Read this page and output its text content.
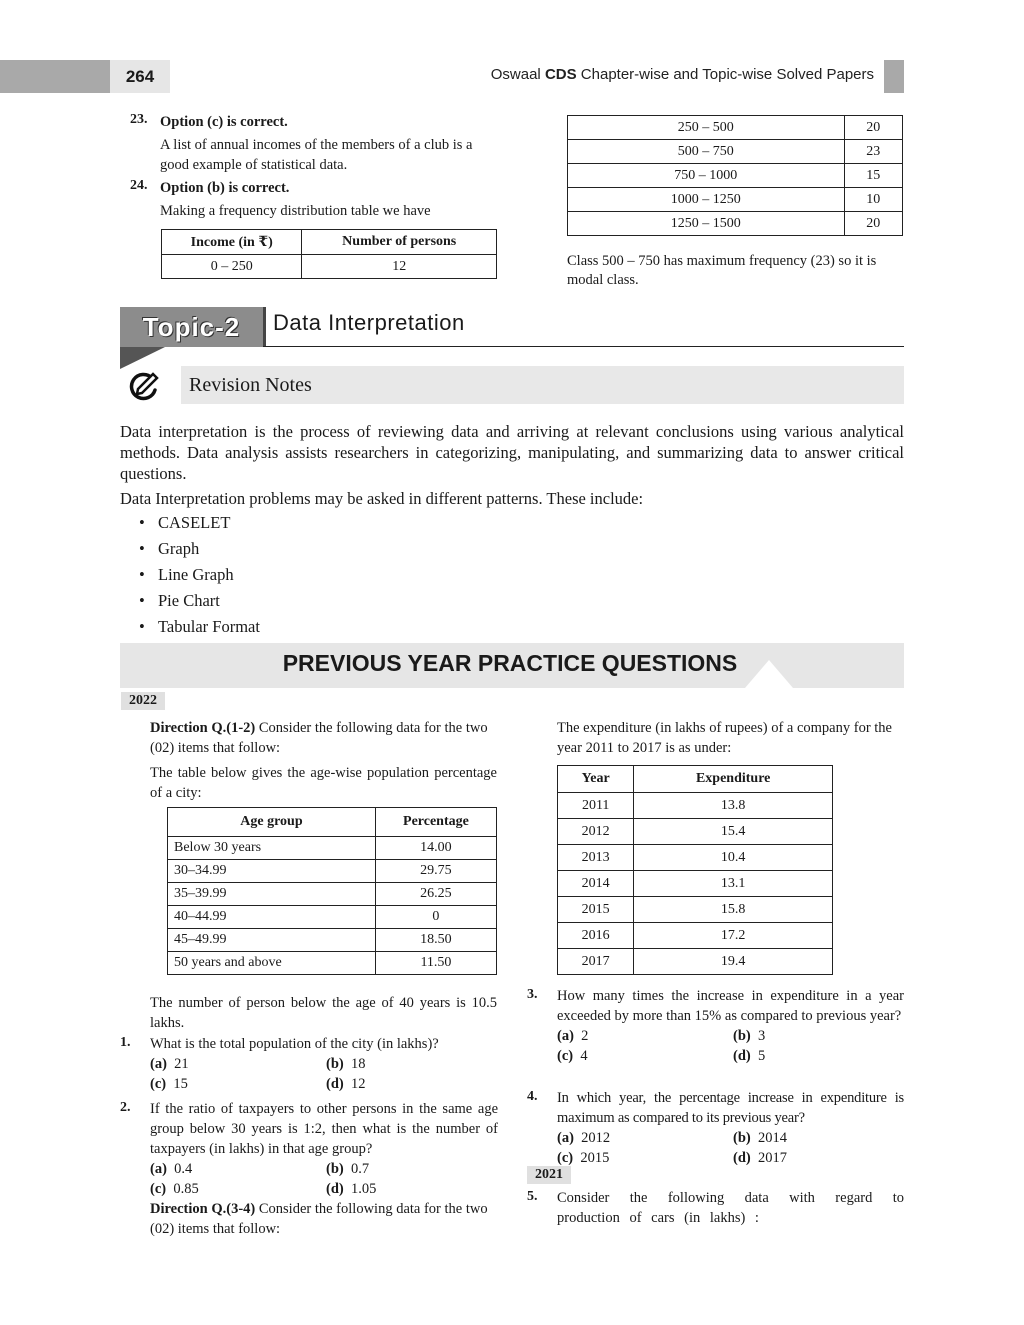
264	Oswaal CDS Chapter-wise and Topic-wise Solved Papers
23. Option (c) is correct.

A list of annual incomes of the members of a club is a good example of statistical data.

24. Option (b) is correct.

Making a frequency distribution table we have

Income (in ₹)	Number of persons
0 – 250	12
250 – 500	20
500 – 750	23
750 – 1000	15
1000 – 1250	10
1250 – 1500	20

Class 500 – 750 has maximum frequency (23) so it is modal class.

Topic-2	Data Interpretation
Revision Notes

Data interpretation is the process of reviewing data and arriving at relevant conclusions using various analytical methods. Data analysis assists researchers in categorizing, manipulating, and summarizing data to answer critical questions.

Data Interpretation problems may be asked in different patterns. These include:

• CASELET
• Graph
• Line Graph
• Pie Chart
• Tabular Format
PREVIOUS YEAR PRACTICE QUESTIONS
2022

Direction Q.(1-2) Consider the following data for the two (02) items that follow:

The table below gives the age-wise population percentage of a city:

Age group	Percentage
Below 30 years	14.00
30–34.99	29.75
35–39.99	26.25
40–44.99	0
45–49.99	18.50
50 years and above	11.50

The number of person below the age of 40 years is 10.5 lakhs.

1. What is the total population of the city (in lakhs)?

(a) 21	(b) 18
(c) 15	(d) 12
2. If the ratio of taxpayers to other persons in the same age group below 30 years is 1:2, then what is the number of taxpayers (in lakhs) in that age group?

(a) 0.4	(b) 0.7
(c) 0.85	(d) 1.05

Direction Q.(3-4) Consider the following data for the two (02) items that follow:

The expenditure (in lakhs of rupees) of a company for the year 2011 to 2017 is as under:

Year	Expenditure
2011	13.8
2012	15.4
2013	10.4
2014	13.1
2015	15.8
2016	17.2
2017	19.4
3. How many times the increase in expenditure in a year exceeded by more than 15% as compared to previous year?

(a) 2	(b) 3
(c) 4	(d) 5
4. In which year, the percentage increase in expenditure is maximum as compared to its previous year?

(a) 2012	(b) 2014
(c) 2015	(d) 2017
2021
5. Consider the following data with regard to production of cars (in lakhs) :
